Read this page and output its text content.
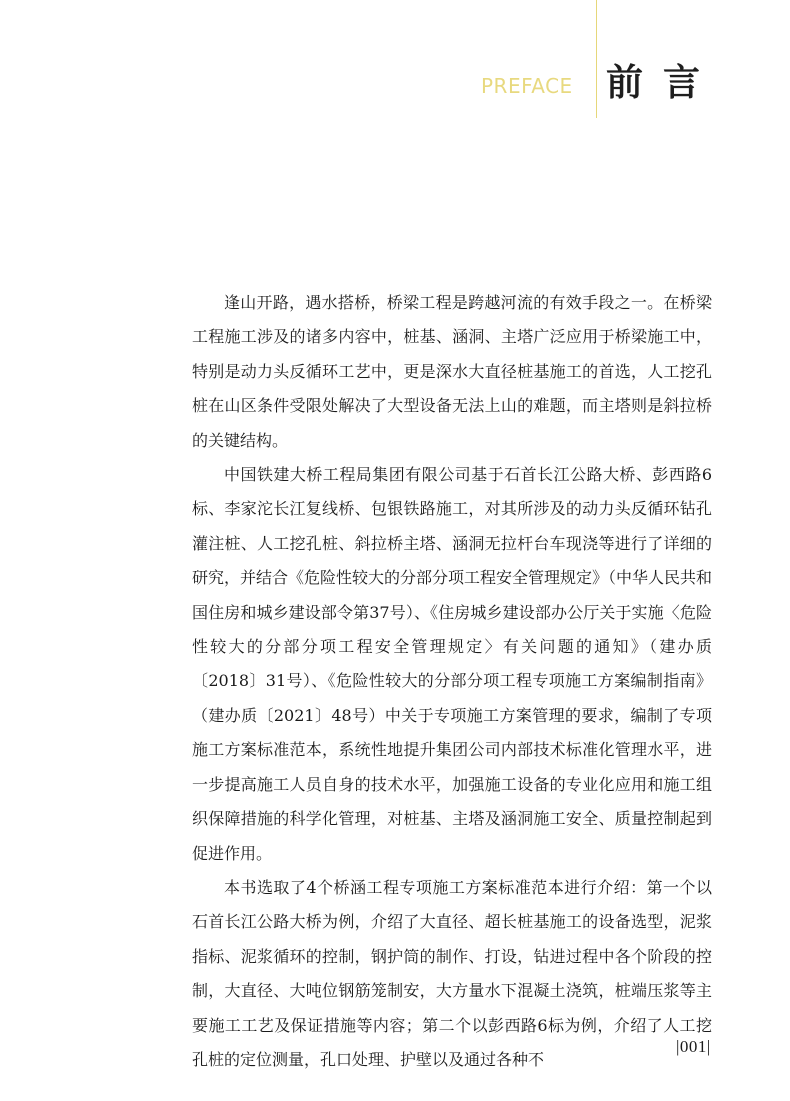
PREFACE 前言

逢山开路，遇水搭桥，桥梁工程是跨越河流的有效手段之一。在桥梁工程施工涉及的诸多内容中，桩基、涵洞、主塔广泛应用于桥梁施工中，特别是动力头反循环工艺中，更是深水大直径桩基施工的首选，人工挖孔桩在山区条件受限处解决了大型设备无法上山的难题，而主塔则是斜拉桥的关键结构。

中国铁建大桥工程局集团有限公司基于石首长江公路大桥、彭西路6标、李家沱长江复线桥、包银铁路施工，对其所涉及的动力头反循环钻孔灌注桩、人工挖孔桩、斜拉桥主塔、涵洞无拉杆台车现浇等进行了详细的研究，并结合《危险性较大的分部分项工程安全管理规定》（中华人民共和国住房和城乡建设部令第37号）、《住房城乡建设部办公厅关于实施〈危险性较大的分部分项工程安全管理规定〉有关问题的通知》（建办质〔2018〕31号）、《危险性较大的分部分项工程专项施工方案编制指南》（建办质〔2021〕48号）中关于专项施工方案管理的要求，编制了专项施工方案标准范本，系统性地提升集团公司内部技术标准化管理水平，进一步提高施工人员自身的技术水平，加强施工设备的专业化应用和施工组织保障措施的科学化管理，对桩基、主塔及涵洞施工安全、质量控制起到促进作用。

本书选取了4个桥涵工程专项施工方案标准范本进行介绍：第一个以石首长江公路大桥为例，介绍了大直径、超长桩基施工的设备选型，泥浆指标、泥浆循环的控制，钢护筒的制作、打设，钻进过程中各个阶段的控制，大直径、大吨位钢筋笼制安，大方量水下混凝土浇筑，桩端压浆等主要施工工艺及保证措施等内容；第二个以彭西路6标为例，介绍了人工挖孔桩的定位测量，孔口处理、护壁以及通过各种不

|001|
